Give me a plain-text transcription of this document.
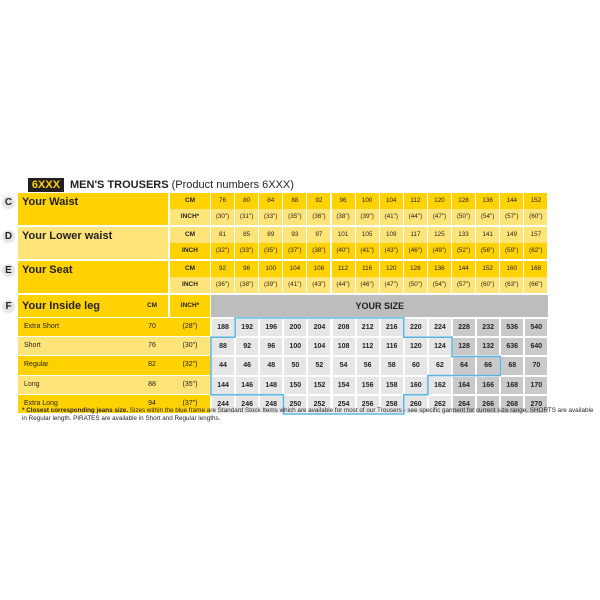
6XXX MEN'S TROUSERS (Product numbers 6XXX)
C Your Waist	CM	76	80	84	88	92	96	100	104	112	120	128	136	144	152
INCH*	(30")	(31")	(33")	(35")	(36")	(38")	(39")	(41")	(44")	(47")	(50")	(54")	(57")	(60")
D Your Lower waist	CM	81	85	89	93	97	101	105	109	117	125	133	141	149	157
INCH	(32")	(33")	(35")	(37")	(38")	(40")	(41")	(43")	(46")	(49")	(52")	(56")	(59")	(62")
E Your Seat	CM	92	96	100	104	108	112	116	120	128	136	144	152	160	168
INCH	(36")	(38")	(39")	(41")	(43")	(44")	(46")	(47")	(50")	(54")	(57")	(60")	(63")	(66")
F Your Inside leg	CM	INCH*	YOUR SIZE
Extra Short	70	(28")	188	192	196	200	204	208	212	216	220	224	228	232	536	540
Short	76	(30")	88	92	96	100	104	108	112	116	120	124	128	132	636	640
Regular	82	(32")	44	46	48	50	52	54	56	58	60	62	64	66	68	70
Long	88	(35")	144	146	148	150	152	154	156	158	160	162	164	166	168	170
Extra Long	94	(37")	244	246	248	250	252	254	256	258	260	262	264	266	268	270
* Closest corresponding jeans size. Sizes within the blue frame are Standard Stock Items which are available for most of our Trousers - see specific garment for current size range. SHORTS are available in Regular length. PIRATES are available in Short and Regular lengths.
